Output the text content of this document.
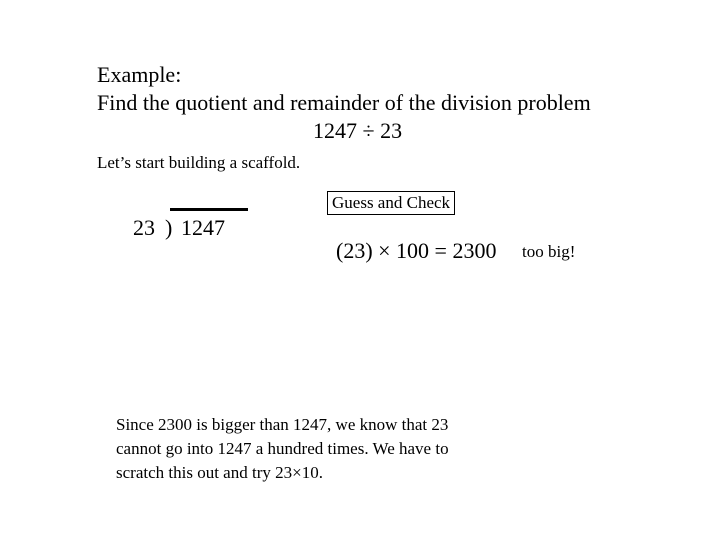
Example:
Find the quotient and remainder of the division problem
1247 ÷ 23
Let’s start building a scaffold.
23 ) 1247
Guess and Check
(23) × 100 = 2300 too big!
Since 2300 is bigger than 1247, we know that 23
cannot go into 1247 a hundred times. We have to
scratch this out and try 23×10.
